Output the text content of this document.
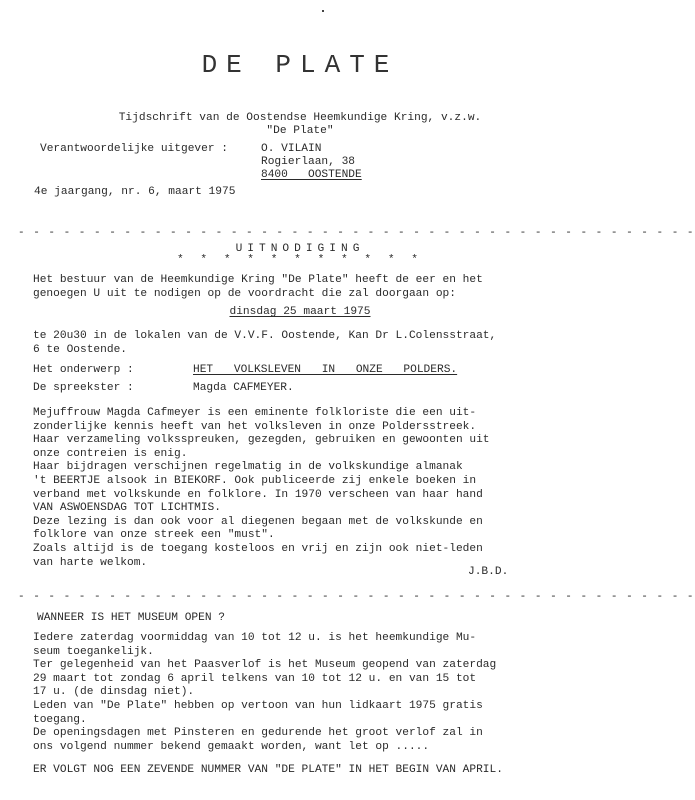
DE PLATE
Tijdschrift van de Oostendse Heemkundige Kring, v.z.w.
"De Plate"
Verantwoordelijke uitgever :	O. VILAIN
Rogierlaan, 38
8400   OOSTENDE
4e jaargang, nr. 6, maart 1975
- - - - - - - - - - - - - - - - - - - - - - - - - - - - - - - - - - - - - - - - - - - - -
UITNODIGING
* * * * * * * * * * *
Het bestuur van de Heemkundige Kring "De Plate" heeft de eer en het
genoegen U uit te nodigen op de voordracht die zal doorgaan op:
dinsdag 25 maart 1975
te 20u30 in de lokalen van de V.V.F. Oostende, Kan Dr L.Colensstraat,
6 te Oostende.
Het onderwerp :	HET VOLKSLEVEN IN ONZE POLDERS.
De spreekster :	Magda CAFMEYER.
Mejuffrouw Magda Cafmeyer is een eminente folkloriste die een uit-
zonderlijke kennis heeft van het volksleven in onze Poldersstreek.
Haar verzameling volksspreuken, gezegden, gebruiken en gewoonten uit
onze contreien is enig.
Haar bijdragen verschijnen regelmatig in de volkskundige almanak
't BEERTJE alsook in BIEKORF. Ook publiceerde zij enkele boeken in
verband met volkskunde en folklore. In 1970 verscheen van haar hand
VAN ASWOENSDAG TOT LICHTMIS.
Deze lezing is dan ook voor al diegenen begaan met de volkskunde en
folklore van onze streek een "must".
Zoals altijd is de toegang kosteloos en vrij en zijn ook niet-leden
van harte welkom.
J.B.D.
- - - - - - - - - - - - - - - - - - - - - - - - - - - - - - - - - - - - - - - - - - - - -
WANNEER IS HET MUSEUM OPEN ?
Iedere zaterdag voormiddag van 10 tot 12 u. is het heemkundige Mu-
seum toegankelijk.
Ter gelegenheid van het Paasverlof is het Museum geopend van zaterdag
29 maart tot zondag 6 april telkens van 10 tot 12 u. en van 15 tot
17 u. (de dinsdag niet).
Leden van "De Plate" hebben op vertoon van hun lidkaart 1975 gratis
toegang.
De openingsdagen met Pinsteren en gedurende het groot verlof zal in
ons volgend nummer bekend gemaakt worden, want let op .....
ER VOLGT NOG EEN ZEVENDE NUMMER VAN "DE PLATE" IN HET BEGIN VAN APRIL.
